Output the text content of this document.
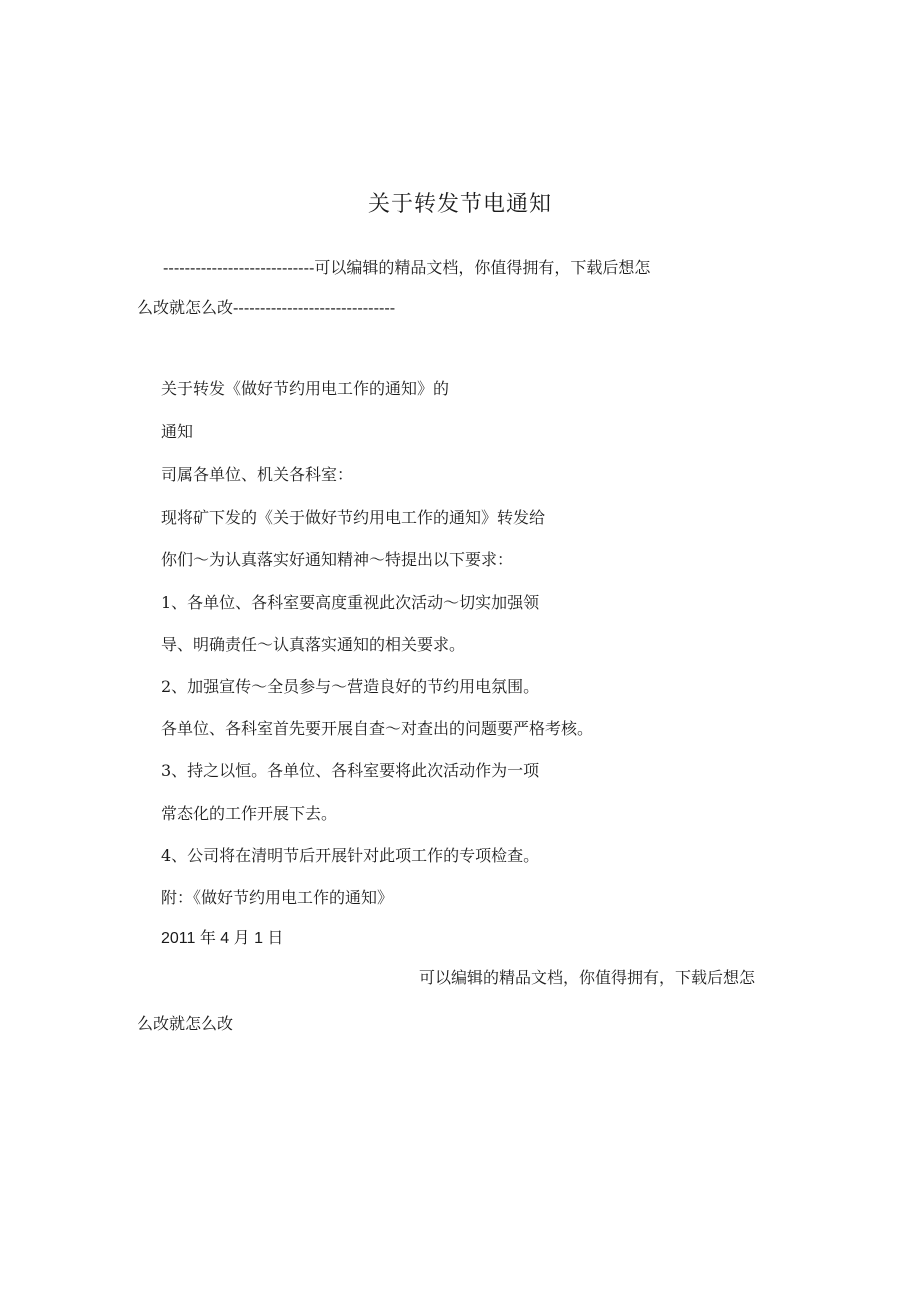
关于转发节电通知
----------------------------可以编辑的精品文档，你值得拥有，下载后想怎
么改就怎么改------------------------------
关于转发《做好节约用电工作的通知》的
通知
司属各单位、机关各科室：
现将矿下发的《关于做好节约用电工作的通知》转发给
你们～为认真落实好通知精神～特提出以下要求：
1、各单位、各科室要高度重视此次活动～切实加强领
导、明确责任～认真落实通知的相关要求。
2、加强宣传～全员参与～营造良好的节约用电氛围。
各单位、各科室首先要开展自查～对查出的问题要严格考核。
3、持之以恒。各单位、各科室要将此次活动作为一项
常态化的工作开展下去。
4、公司将在清明节后开展针对此项工作的专项检查。
附：《做好节约用电工作的通知》
2011 年 4 月 1 日
可以编辑的精品文档，你值得拥有，下载后想怎
么改就怎么改
